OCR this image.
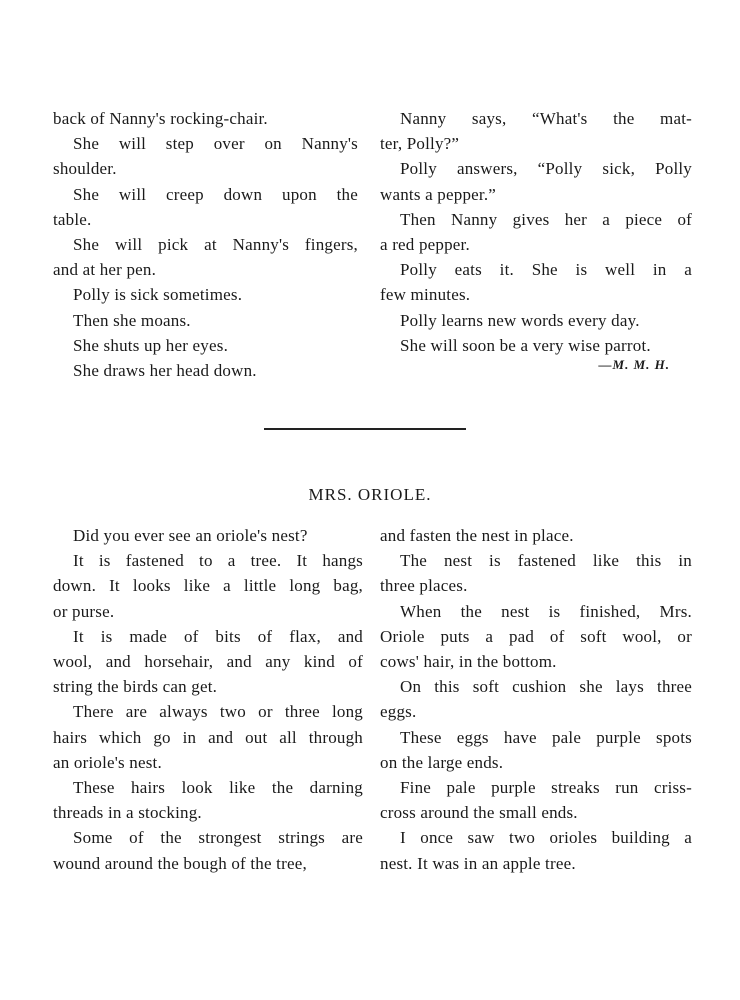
back of Nanny's rocking-chair.

She will step over on Nanny's
shoulder.

She will creep down upon the
table.

She will pick at Nanny's fingers,
and at her pen.

Polly is sick sometimes.

Then she moans.

She shuts up her eyes.

She draws her head down.

Nanny says, “What's the mat-
ter, Polly?”

Polly answers, “Polly sick, Polly
wants a pepper.”

Then Nanny gives her a piece of
a red pepper.

Polly eats it. She is well in a
few minutes.

Polly learns new words every day.

She will soon be a very wise parrot.

—M. M. H.
MRS. ORIOLE.

Did you ever see an oriole's nest?

It is fastened to a tree. It hangs
down. It looks like a little long bag,
or purse.

It is made of bits of flax, and
wool, and horsehair, and any kind of
string the birds can get.

There are always two or three long
hairs which go in and out all through
an oriole's nest.

These hairs look like the darning
threads in a stocking.

Some of the strongest strings are
wound around the bough of the tree,

and fasten the nest in place.

The nest is fastened like this in
three places.

When the nest is finished, Mrs.
Oriole puts a pad of soft wool, or
cows' hair, in the bottom.

On this soft cushion she lays three
eggs.

These eggs have pale purple spots
on the large ends.

Fine pale purple streaks run criss-
cross around the small ends.

I once saw two orioles building a
nest. It was in an apple tree.
